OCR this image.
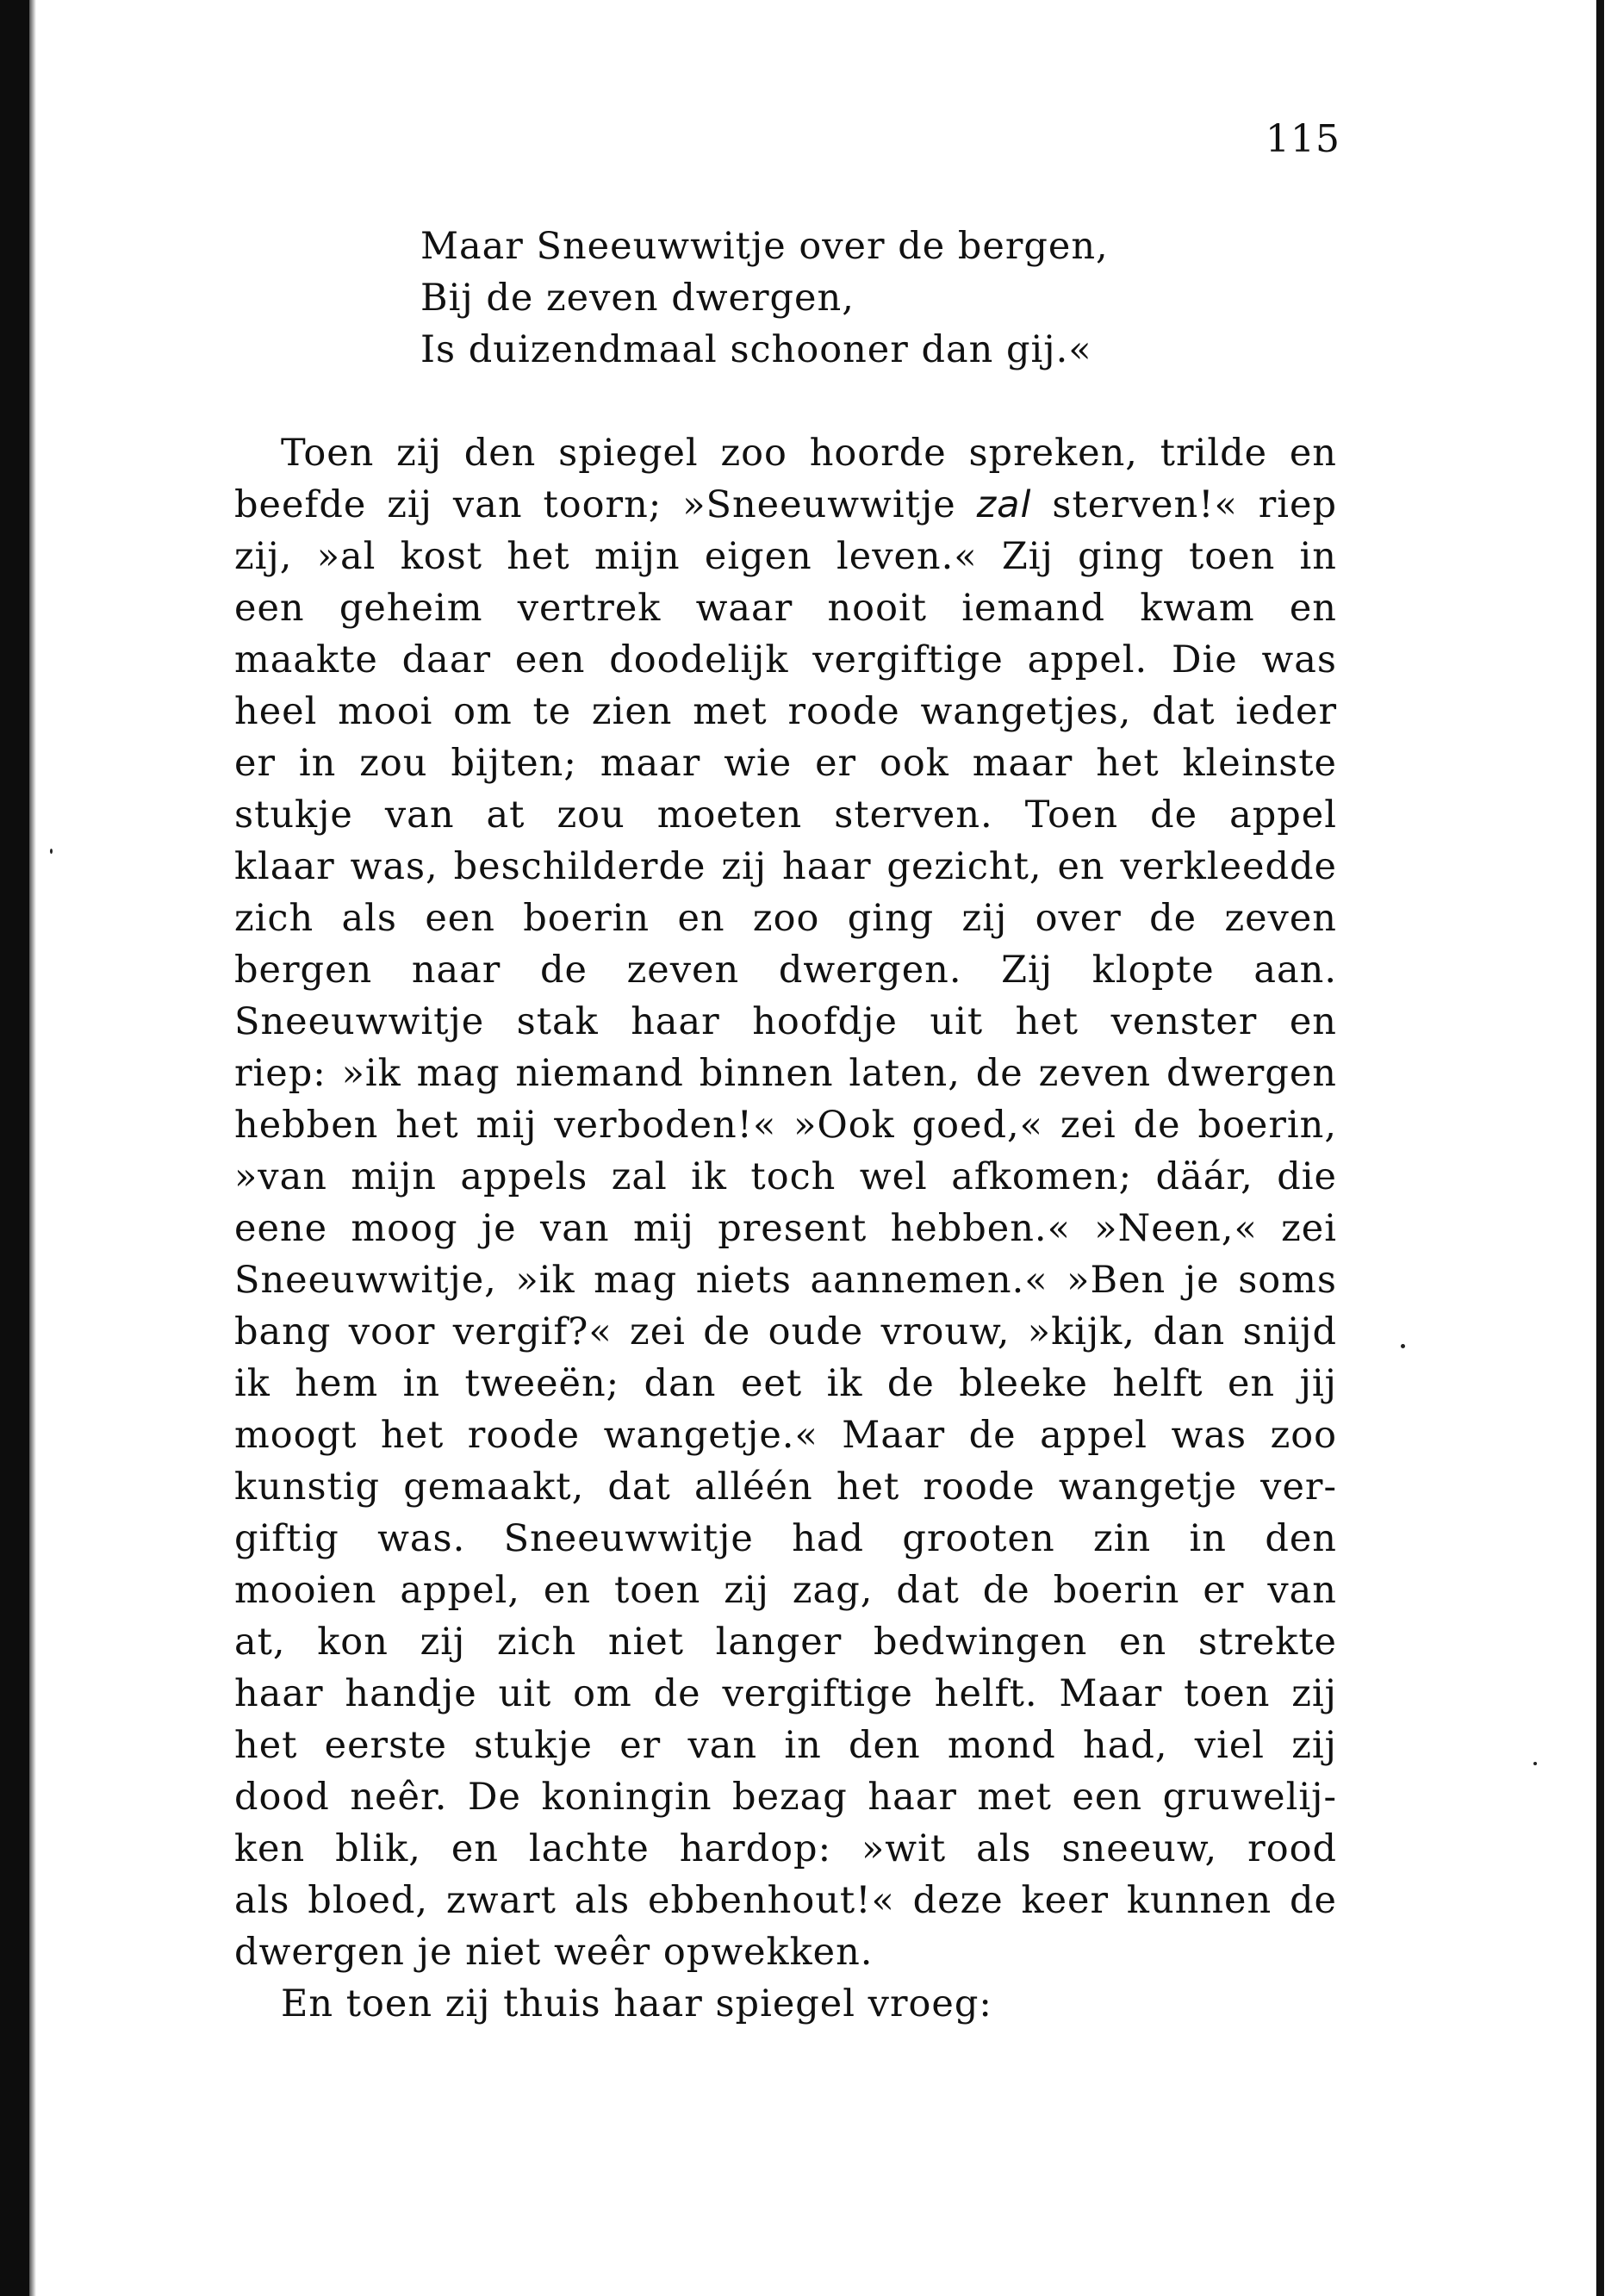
115
Maar Sneeuwwitje over de bergen,
Bij de zeven dwergen,
Is duizendmaal schooner dan gij.«
Toen zij den spiegel zoo hoorde spreken, trilde en
beefde zij van toorn; »Sneeuwwitje zal sterven!« riep
zij, »al kost het mijn eigen leven.« Zij ging toen in
een geheim vertrek waar nooit iemand kwam en
maakte daar een doodelijk vergiftige appel. Die was
heel mooi om te zien met roode wangetjes, dat ieder
er in zou bijten; maar wie er ook maar het kleinste
stukje van at zou moeten sterven. Toen de appel
klaar was, beschilderde zij haar gezicht, en verkleedde
zich als een boerin en zoo ging zij over de zeven
bergen naar de zeven dwergen. Zij klopte aan.
Sneeuwwitje stak haar hoofdje uit het venster en
riep: »ik mag niemand binnen laten, de zeven dwergen
hebben het mij verboden!« »Ook goed,« zei de boerin,
»van mijn appels zal ik toch wel afkomen; däár, die
eene moog je van mij present hebben.« »Neen,« zei
Sneeuwwitje, »ik mag niets aannemen.« »Ben je soms
bang voor vergif?« zei de oude vrouw, »kijk, dan snijd
ik hem in tweeën; dan eet ik de bleeke helft en jij
moogt het roode wangetje.« Maar de appel was zoo
kunstig gemaakt, dat alléén het roode wangetje ver-
giftig was. Sneeuwwitje had grooten zin in den
mooien appel, en toen zij zag, dat de boerin er van
at, kon zij zich niet langer bedwingen en strekte
haar handje uit om de vergiftige helft. Maar toen zij
het eerste stukje er van in den mond had, viel zij
dood neêr. De koningin bezag haar met een gruwelij-
ken blik, en lachte hardop: »wit als sneeuw, rood
als bloed, zwart als ebbenhout!« deze keer kunnen de
dwergen je niet weêr opwekken.
En toen zij thuis haar spiegel vroeg:
